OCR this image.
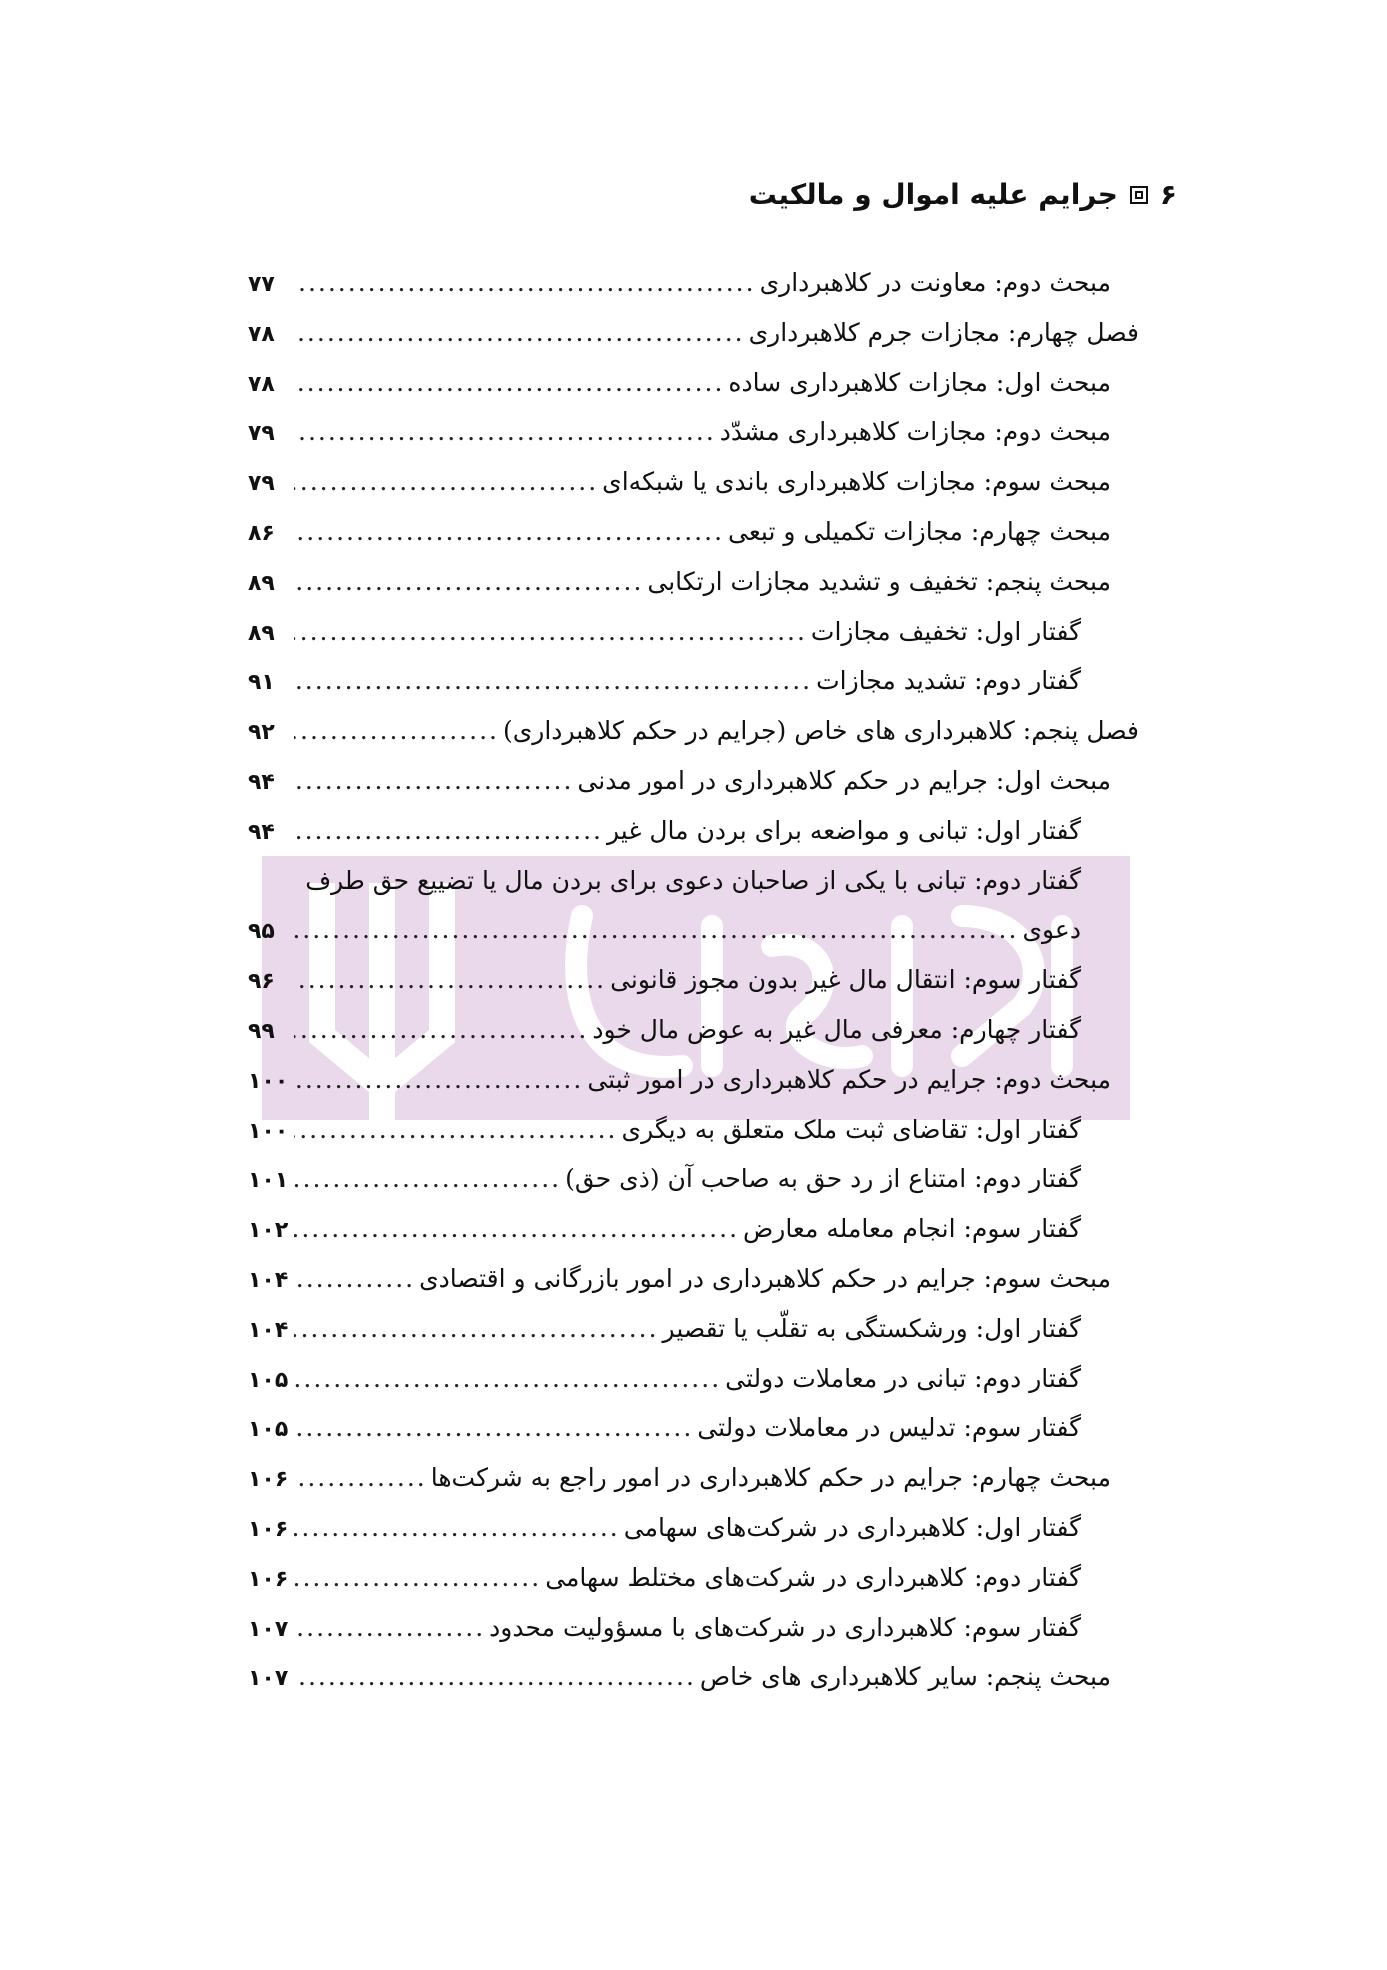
۶
جرایم علیه اموال و مالکیت
مبحث دوم: معاونت در کلاهبرداری
.....
۷۷
فصل چهارم: مجازات جرم کلاهبرداری
.....
۷۸
مبحث اول: مجازات کلاهبرداری ساده
.....
۷۸
مبحث دوم: مجازات کلاهبرداری مشدّد
.....
۷۹
مبحث سوم: مجازات کلاهبرداری باندی یا شبکه‌ای
.....
۷۹
مبحث چهارم: مجازات تکمیلی و تبعی
.....
۸۶
مبحث پنجم: تخفیف و تشدید مجازات ارتکابی
.....
۸۹
گفتار اول: تخفیف مجازات
.....
۸۹
گفتار دوم: تشدید مجازات
.....
۹۱
فصل پنجم: کلاهبرداری های خاص (جرایم در حکم کلاهبرداری)
.....
۹۲
مبحث اول: جرایم در حکم کلاهبرداری در امور مدنی
.....
۹۴
گفتار اول: تبانی و مواضعه برای بردن مال غیر
.....
۹۴
گفتار دوم: تبانی با یکی از صاحبان دعوی برای بردن مال یا تضییع حق طرف
دعوی
.....
۹۵
گفتار سوم: انتقال مال غیر بدون مجوز قانونی
.....
۹۶
گفتار چهارم: معرفی مال غیر به عوض مال خود
.....
۹۹
مبحث دوم: جرایم در حکم کلاهبرداری در امور ثبتی
.....
۱۰۰
گفتار اول: تقاضای ثبت ملک متعلق به دیگری
.....
۱۰۰
گفتار دوم: امتناع از رد حق به صاحب آن (ذی حق)
.....
۱۰۱
گفتار سوم: انجام معامله معارض
.....
۱۰۲
مبحث سوم: جرایم در حکم کلاهبرداری در امور بازرگانی و اقتصادی
.....
۱۰۴
گفتار اول: ورشکستگی به تقلّب یا تقصیر
.....
۱۰۴
گفتار دوم: تبانی در معاملات دولتی
.....
۱۰۵
گفتار سوم: تدلیس در معاملات دولتی
.....
۱۰۵
مبحث چهارم: جرایم در حکم کلاهبرداری در امور راجع به شرکت‌ها
.....
۱۰۶
گفتار اول: کلاهبرداری در شرکت‌های سهامی
.....
۱۰۶
گفتار دوم: کلاهبرداری در شرکت‌های مختلط سهامی
.....
۱۰۶
گفتار سوم: کلاهبرداری در شرکت‌های با مسؤولیت محدود
.....
۱۰۷
مبحث پنجم: سایر کلاهبرداری های خاص
.....
۱۰۷
